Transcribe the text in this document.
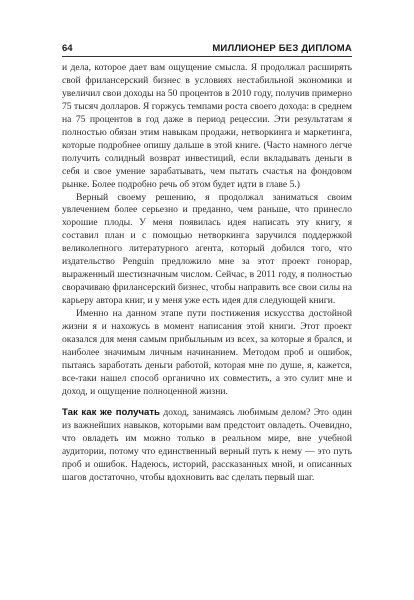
64	МИЛЛИОНЕР БЕЗ ДИПЛОМА

и дела, которое дает вам ощущение смысла. Я продолжал расширять свой фрилансерский бизнес в условиях нестабильной экономики и увеличил свои доходы на 50 процентов в 2010 году, получив примерно 75 тысяч долларов. Я горжусь темпами роста своего дохода: в среднем на 75 процентов в год даже в период рецессии. Эти результатам я полностью обязан этим навыкам продажи, нетворкинга и маркетинга, которые подробнее опишу дальше в этой книге. (Часто намного легче получить солидный возврат инвестиций, если вкладывать деньги в себя и свое умение зарабатывать, чем пытать счастья на фондовом рынке. Более подробно речь об этом будет идти в главе 5.)

Верный своему решению, я продолжал заниматься своим увлечением более серьезно и преданно, чем раньше, что принесло хорошие плоды. У меня появилась идея написать эту книгу, я составил план и с помощью нетворкинга заручился поддержкой великолепного литературного агента, который добился того, что издательство Penguin предложило мне за этот проект гонорар, выраженный шестизначным числом. Сейчас, в 2011 году, я полностью сворачиваю фрилансерский бизнес, чтобы направить все свои силы на карьеру автора книг, и у меня уже есть идея для следующей книги.

Именно на данном этапе пути постижения искусства достойной жизни я и нахожусь в момент написания этой книги. Этот проект оказался для меня самым прибыльным из всех, за которые я брался, и наиболее значимым личным начинанием. Методом проб и ошибок, пытаясь заработать деньги работой, которая мне по душе, я, кажется, все-таки нашел способ органично их совместить, а это сулит мне и доход, и ощущение полноценной жизни.

Так как же получать доход, занимаясь любимым делом? Это один из важнейших навыков, которыми вам предстоит овладеть. Очевидно, что овладеть им можно только в реальном мире, вне учебной аудитории, потому что единственный верный путь к нему — это путь проб и ошибок. Надеюсь, историй, рассказанных мной, и описанных шагов достаточно, чтобы вдохновить вас сделать первый шаг.
